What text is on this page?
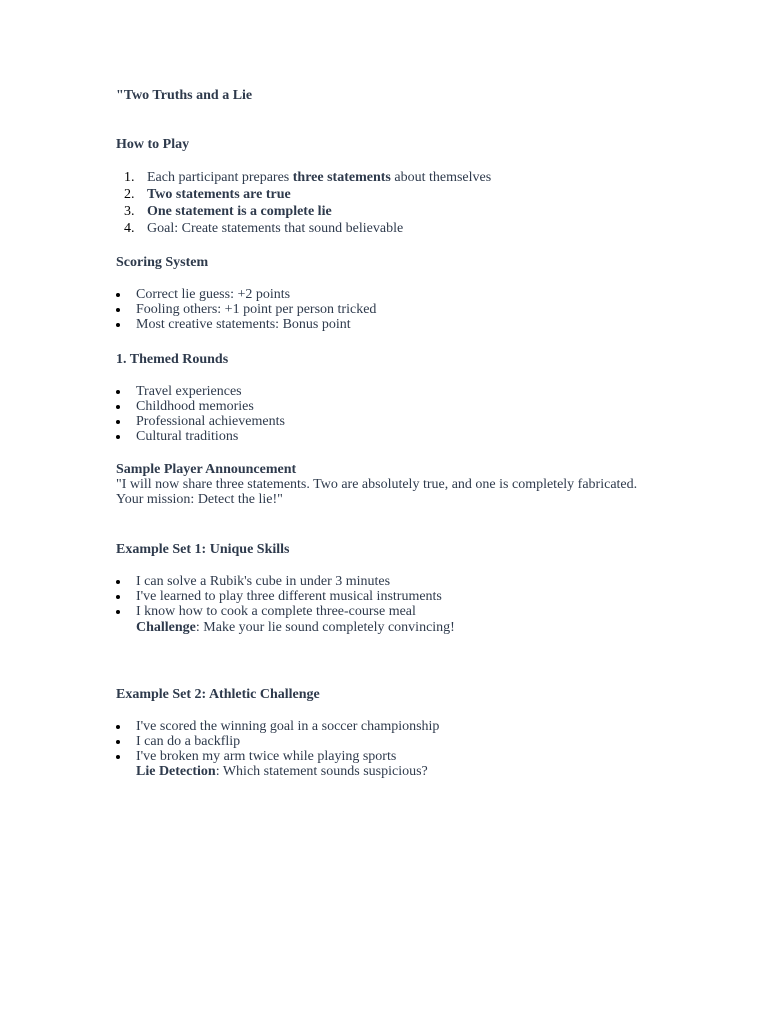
"Two Truths and a Lie
How to Play
1. Each participant prepares three statements about themselves
2. Two statements are true
3. One statement is a complete lie
4. Goal: Create statements that sound believable
Scoring System
Correct lie guess: +2 points
Fooling others: +1 point per person tricked
Most creative statements: Bonus point
1. Themed Rounds
Travel experiences
Childhood memories
Professional achievements
Cultural traditions
Sample Player Announcement
"I will now share three statements. Two are absolutely true, and one is completely fabricated.
Your mission: Detect the lie!"
Example Set 1: Unique Skills
I can solve a Rubik's cube in under 3 minutes
I've learned to play three different musical instruments
I know how to cook a complete three-course meal
Challenge: Make your lie sound completely convincing!
Example Set 2: Athletic Challenge
I've scored the winning goal in a soccer championship
I can do a backflip
I've broken my arm twice while playing sports
Lie Detection: Which statement sounds suspicious?
